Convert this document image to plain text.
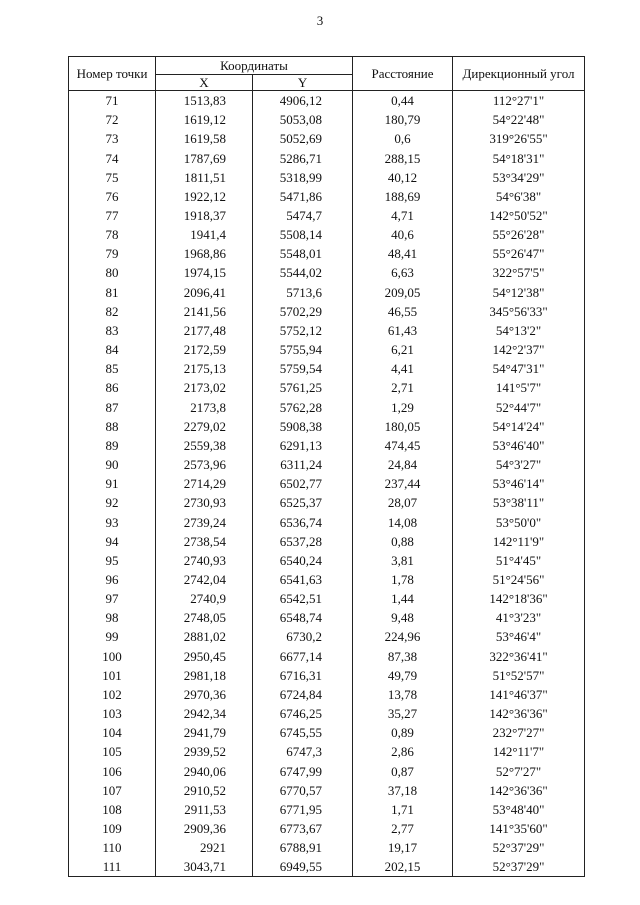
3
Номер точки	Координаты		Расстояние	Дирекционный угол
	X	Y		
71	1513,83	4906,12	0,44	112°27'1"
72	1619,12	5053,08	180,79	54°22'48"
73	1619,58	5052,69	0,6	319°26'55"
74	1787,69	5286,71	288,15	54°18'31"
75	1811,51	5318,99	40,12	53°34'29"
76	1922,12	5471,86	188,69	54°6'38"
77	1918,37	5474,7	4,71	142°50'52"
78	1941,4	5508,14	40,6	55°26'28"
79	1968,86	5548,01	48,41	55°26'47"
80	1974,15	5544,02	6,63	322°57'5"
81	2096,41	5713,6	209,05	54°12'38"
82	2141,56	5702,29	46,55	345°56'33"
83	2177,48	5752,12	61,43	54°13'2"
84	2172,59	5755,94	6,21	142°2'37"
85	2175,13	5759,54	4,41	54°47'31"
86	2173,02	5761,25	2,71	141°5'7"
87	2173,8	5762,28	1,29	52°44'7"
88	2279,02	5908,38	180,05	54°14'24"
89	2559,38	6291,13	474,45	53°46'40"
90	2573,96	6311,24	24,84	54°3'27"
91	2714,29	6502,77	237,44	53°46'14"
92	2730,93	6525,37	28,07	53°38'11"
93	2739,24	6536,74	14,08	53°50'0"
94	2738,54	6537,28	0,88	142°11'9"
95	2740,93	6540,24	3,81	51°4'45"
96	2742,04	6541,63	1,78	51°24'56"
97	2740,9	6542,51	1,44	142°18'36"
98	2748,05	6548,74	9,48	41°3'23"
99	2881,02	6730,2	224,96	53°46'4"
100	2950,45	6677,14	87,38	322°36'41"
101	2981,18	6716,31	49,79	51°52'57"
102	2970,36	6724,84	13,78	141°46'37"
103	2942,34	6746,25	35,27	142°36'36"
104	2941,79	6745,55	0,89	232°7'27"
105	2939,52	6747,3	2,86	142°11'7"
106	2940,06	6747,99	0,87	52°7'27"
107	2910,52	6770,57	37,18	142°36'36"
108	2911,53	6771,95	1,71	53°48'40"
109	2909,36	6773,67	2,77	141°35'60"
110	2921	6788,91	19,17	52°37'29"
111	3043,71	6949,55	202,15	52°37'29"
